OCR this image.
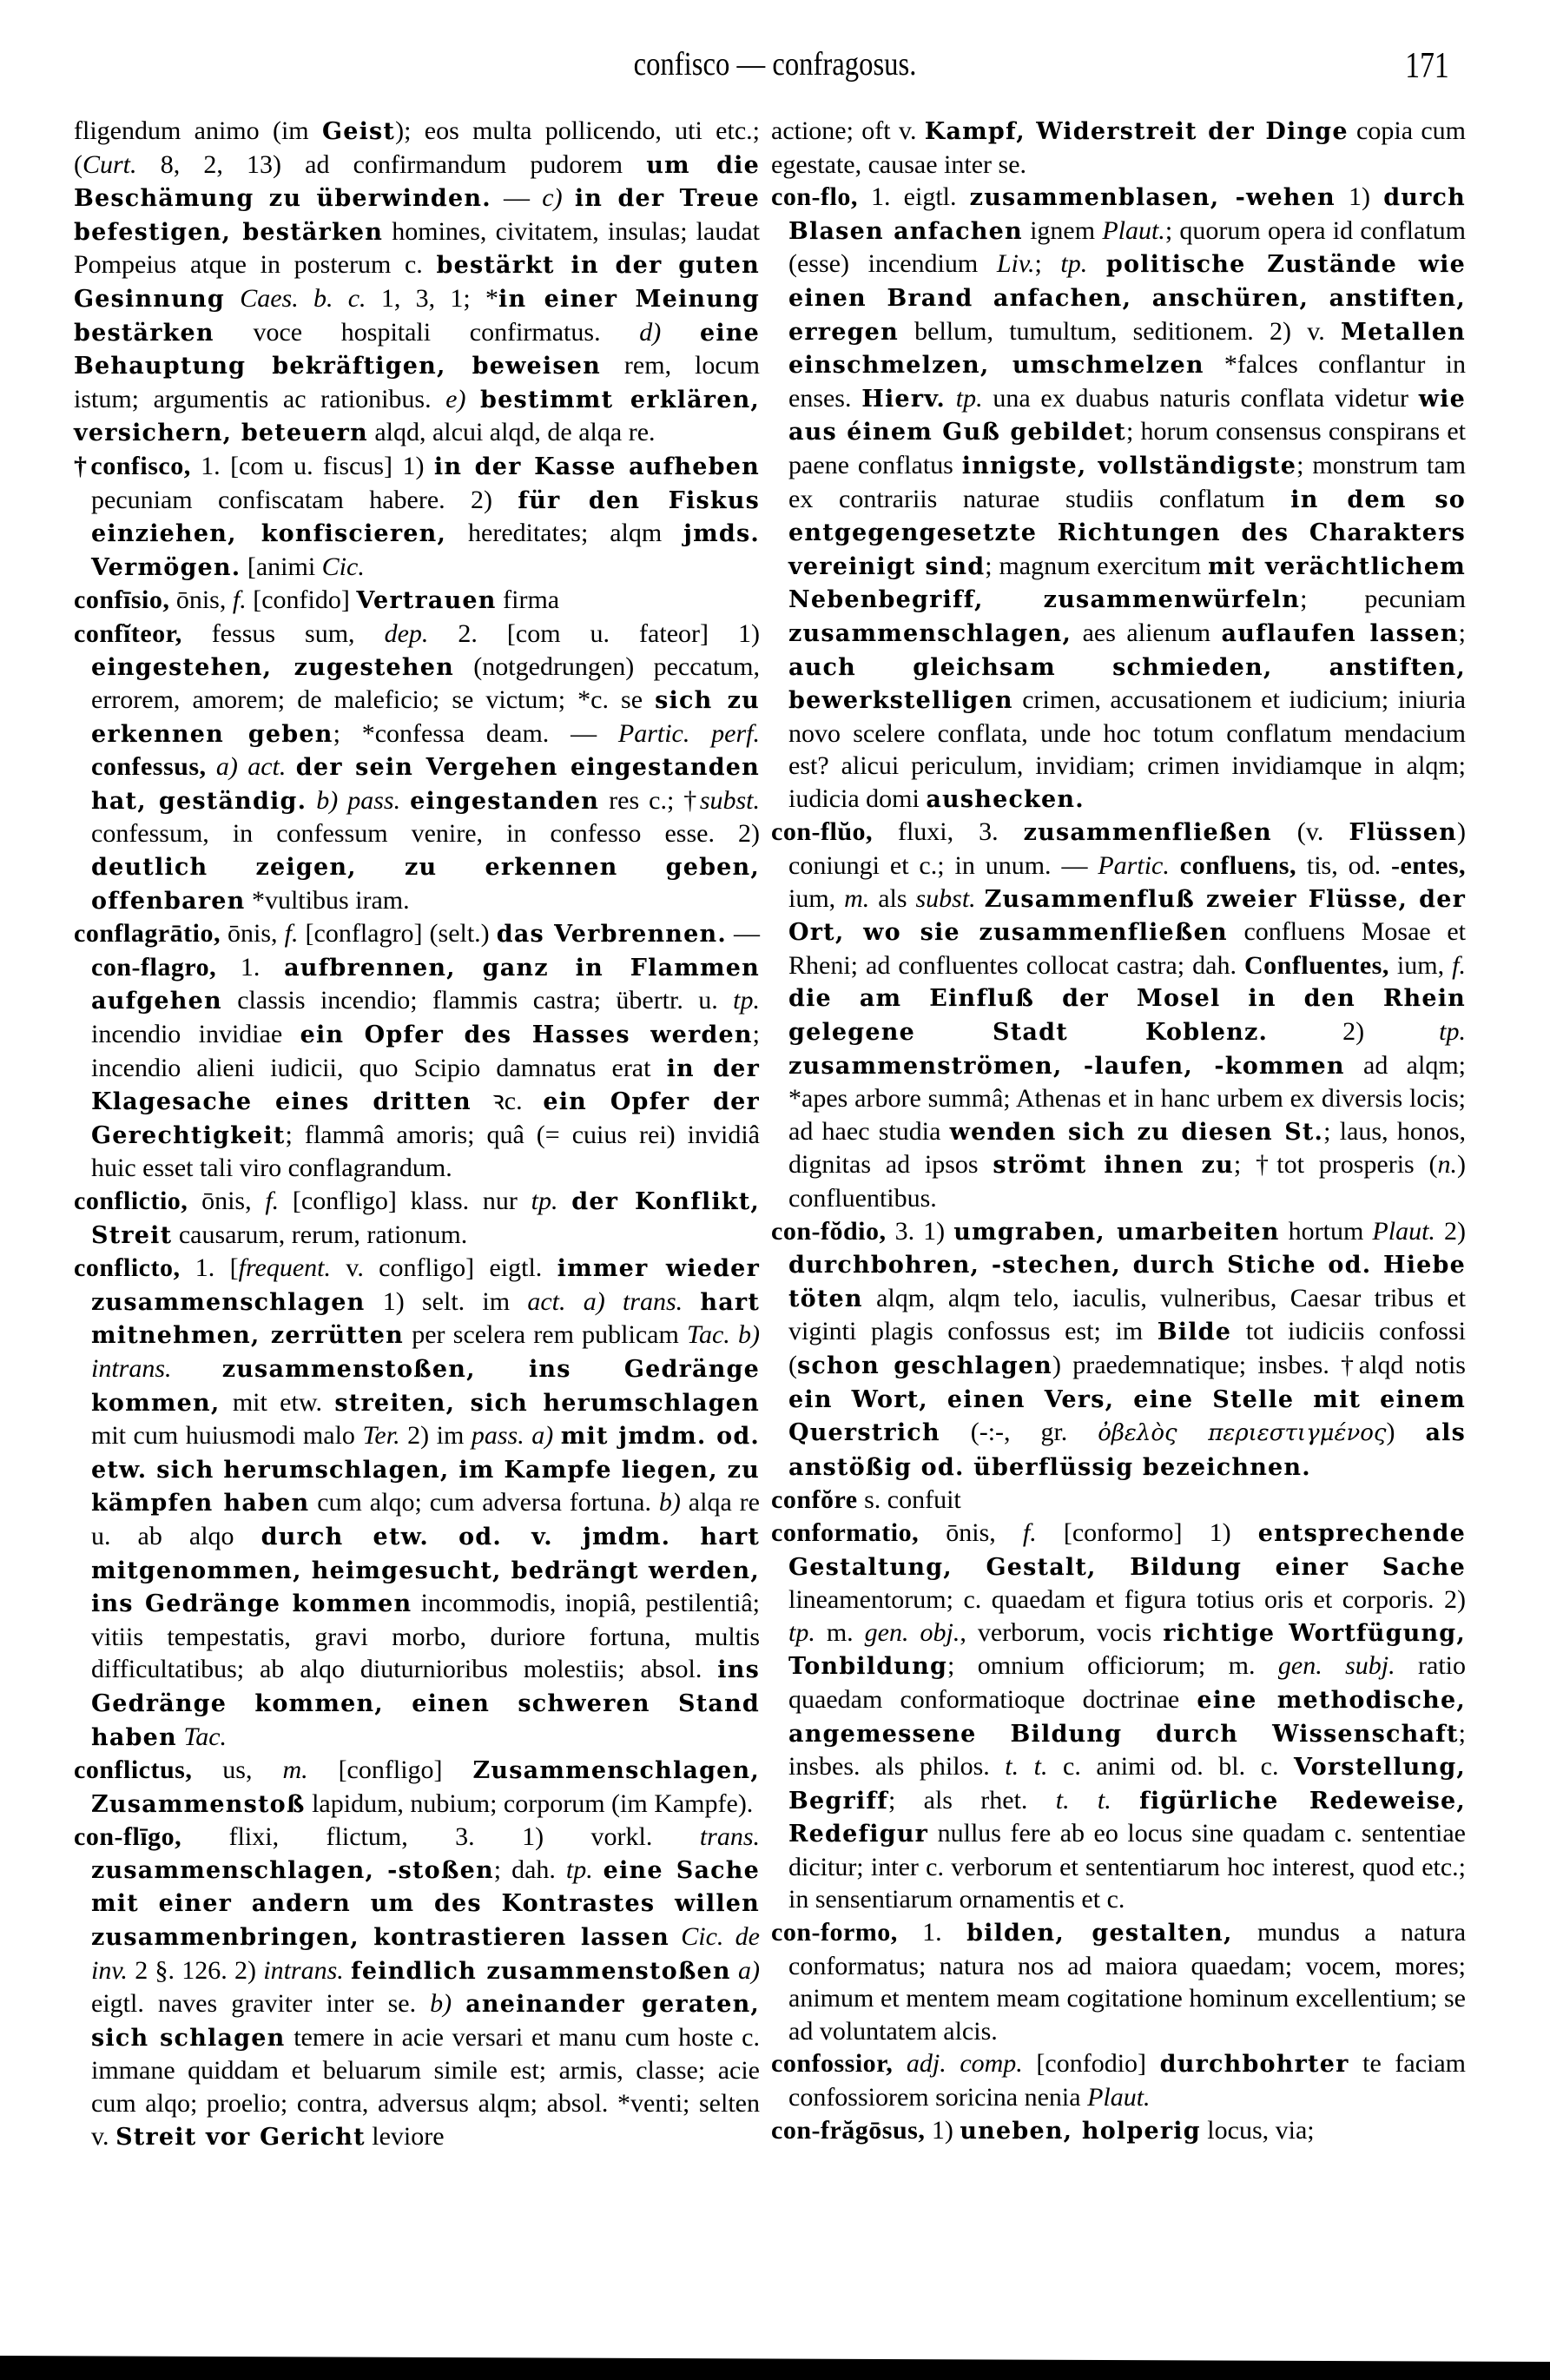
confisco — confragosus.	171

fligendum animo (im Geist); eos multa pollicendo, uti etc.; (Curt. 8, 2, 13) ad confirmandum pudorem um die Beschämung zu überwinden. — c) in der Treue befestigen, bestärken homines, civitatem, insulas; laudat Pompeius atque in posterum c. bestärkt in der guten Gesinnung Caes. b. c. 1, 3, 1; *in einer Meinung bestärken voce hospitali confirmatus. d) eine Behauptung bekräftigen, beweisen rem, locum istum; argumentis ac rationibus. e) bestimmt erklären, versichern, beteuern alqd, alcui alqd, de alqa re.

†confisco, 1. [com u. fiscus] 1) in der Kasse aufheben pecuniam confiscatam habere. 2) für den Fiskus einziehen, konfiscieren, hereditates; alqm jmds. Vermögen. [animi Cic.

confīsio, ōnis, f. [confido] Vertrauen firma

confĭteor, fessus sum, dep. 2. [com u. fateor] 1) eingestehen, zugestehen (notgedrungen) peccatum, errorem, amorem; de maleficio; se victum; *c. se sich zu erkennen geben; *confessa deam. — Partic. perf. confessus, a) act. der sein Vergehen eingestanden hat, geständig. b) pass. eingestanden res c.; †subst. confessum, in confessum venire, in confesso esse. 2) deutlich zeigen, zu erkennen geben, offenbaren *vultibus iram.

conflagrātio, ōnis, f. [conflagro] (selt.) das Verbrennen. — con-flagro, 1. aufbrennen, ganz in Flammen aufgehen classis incendio; flammis castra; übertr. u. tp. incendio invidiae ein Opfer des Hasses werden; incendio alieni iudicii, quo Scipio damnatus erat in der Klagesache eines dritten ꝛc. ein Opfer der Gerechtigkeit; flammâ amoris; quâ (= cuius rei) invidiâ huic esset tali viro conflagrandum.

conflictio, ōnis, f. [confligo] klass. nur tp. der Konflikt, Streit causarum, rerum, rationum.

conflicto, 1. [frequent. v. confligo] eigtl. immer wieder zusammenschlagen 1) selt. im act. a) trans. hart mitnehmen, zerrütten per scelera rem publicam Tac. b) intrans. zusammenstoßen, ins Gedränge kommen, mit etw. streiten, sich herumschlagen mit cum huiusmodi malo Ter. 2) im pass. a) mit jmdm. od. etw. sich herumschlagen, im Kampfe liegen, zu kämpfen haben cum alqo; cum adversa fortuna. b) alqa re u. ab alqo durch etw. od. v. jmdm. hart mitgenommen, heimgesucht, bedrängt werden, ins Gedränge kommen incommodis, inopiâ, pestilentiâ; vitiis tempestatis, gravi morbo, duriore fortuna, multis difficultatibus; ab alqo diuturnioribus molestiis; absol. ins Gedränge kommen, einen schweren Stand haben Tac.

conflictus, us, m. [confligo] Zusammenschlagen, Zusammenstoß lapidum, nubium; corporum (im Kampfe).

con-flīgo, flixi, flictum, 3. 1) vorkl. trans. zusammenschlagen, -stoßen; dah. tp. eine Sache mit einer andern um des Kontrastes willen zusammenbringen, kontrastieren lassen Cic. de inv. 2 §. 126. 2) intrans. feindlich zusammenstoßen a) eigtl. naves graviter inter se. b) aneinander geraten, sich schlagen temere in acie versari et manu cum hoste c. immane quiddam et beluarum simile est; armis, classe; acie cum alqo; proelio; contra, adversus alqm; absol. *venti; selten v. Streit vor Gericht leviore

actione; oft v. Kampf, Widerstreit der Dinge copia cum egestate, causae inter se.

con-flo, 1. eigtl. zusammenblasen, -wehen 1) durch Blasen anfachen ignem Plaut.; quorum opera id conflatum (esse) incendium Liv.; tp. politische Zustände wie einen Brand anfachen, anschüren, anstiften, erregen bellum, tumultum, seditionem. 2) v. Metallen einschmelzen, umschmelzen *falces conflantur in enses. Hierv. tp. una ex duabus naturis conflata videtur wie aus éinem Guß gebildet; horum consensus conspirans et paene conflatus innigste, vollständigste; monstrum tam ex contrariis naturae studiis conflatum in dem so entgegengesetzte Richtungen des Charakters vereinigt sind; magnum exercitum mit verächtlichem Nebenbegriff, zusammenwürfeln; pecuniam zusammenschlagen, aes alienum auflaufen lassen; auch gleichsam schmieden, anstiften, bewerkstelligen crimen, accusationem et iudicium; iniuria novo scelere conflata, unde hoc totum conflatum mendacium est? alicui periculum, invidiam; crimen invidiamque in alqm; iudicia domi aushecken.

con-flŭo, fluxi, 3. zusammenfließen (v. Flüssen) coniungi et c.; in unum. — Partic. confluens, tis, od. -entes, ium, m. als subst. Zusammenfluß zweier Flüsse, der Ort, wo sie zusammenfließen confluens Mosae et Rheni; ad confluentes collocat castra; dah. Confluentes, ium, f. die am Einfluß der Mosel in den Rhein gelegene Stadt Koblenz. 2) tp. zusammenströmen, -laufen, -kommen ad alqm; *apes arbore summâ; Athenas et in hanc urbem ex diversis locis; ad haec studia wenden sich zu diesen St.; laus, honos, dignitas ad ipsos strömt ihnen zu; †tot prosperis (n.) confluentibus.

con-fŏdio, 3. 1) umgraben, umarbeiten hortum Plaut. 2) durchbohren, -stechen, durch Stiche od. Hiebe töten alqm, alqm telo, iaculis, vulneribus, Caesar tribus et viginti plagis confossus est; im Bilde tot iudiciis confossi (schon geschlagen) praedemnatique; insbes. †alqd notis ein Wort, einen Vers, eine Stelle mit einem Querstrich (-:-, gr. ὀβελὸς περιεστιγμένος) als anstößig od. überflüssig bezeichnen.

confŏre s. confuit

conformatio, ōnis, f. [conformo] 1) entsprechende Gestaltung, Gestalt, Bildung einer Sache lineamentorum; c. quaedam et figura totius oris et corporis. 2) tp. m. gen. obj., verborum, vocis richtige Wortfügung, Tonbildung; omnium officiorum; m. gen. subj. ratio quaedam conformatioque doctrinae eine methodische, angemessene Bildung durch Wissenschaft; insbes. als philos. t. t. c. animi od. bl. c. Vorstellung, Begriff; als rhet. t. t. figürliche Redeweise, Redefigur nullus fere ab eo locus sine quadam c. sententiae dicitur; inter c. verborum et sententiarum hoc interest, quod etc.; in sensentiarum ornamentis et c.

con-formo, 1. bilden, gestalten, mundus a natura conformatus; natura nos ad maiora quaedam; vocem, mores; animum et mentem meam cogitatione hominum excellentium; se ad voluntatem alcis.

confossior, adj. comp. [confodio] durchbohrter te faciam confossiorem soricina nenia Plaut.

con-frăgōsus, 1) uneben, holperig locus, via;
